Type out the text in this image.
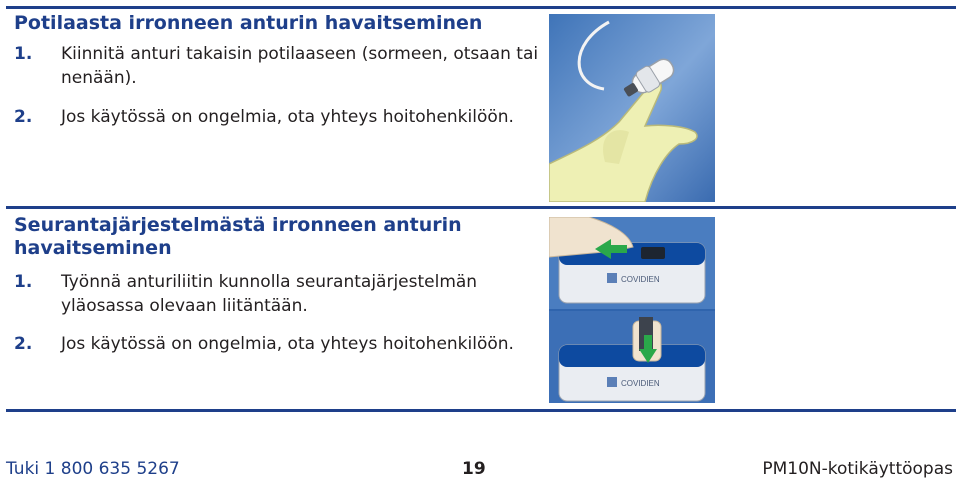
Potilaasta irronneen anturin havaitseminen
1. Kiinnitä anturi takaisin potilaaseen (sormeen, otsaan tai nenään).
2. Jos käytössä on ongelmia, ota yhteys hoitohenkilöön.
Seurantajärjestelmästä irronneen anturin havaitseminen
1. Työnnä anturiliitin kunnolla seurantajärjestelmän yläosassa olevaan liitäntään.
2. Jos käytössä on ongelmia, ota yhteys hoitohenkilöön.
COVIDIEN
COVIDIEN
Tuki 1 800 635 5267	19	PM10N-kotikäyttöopas
